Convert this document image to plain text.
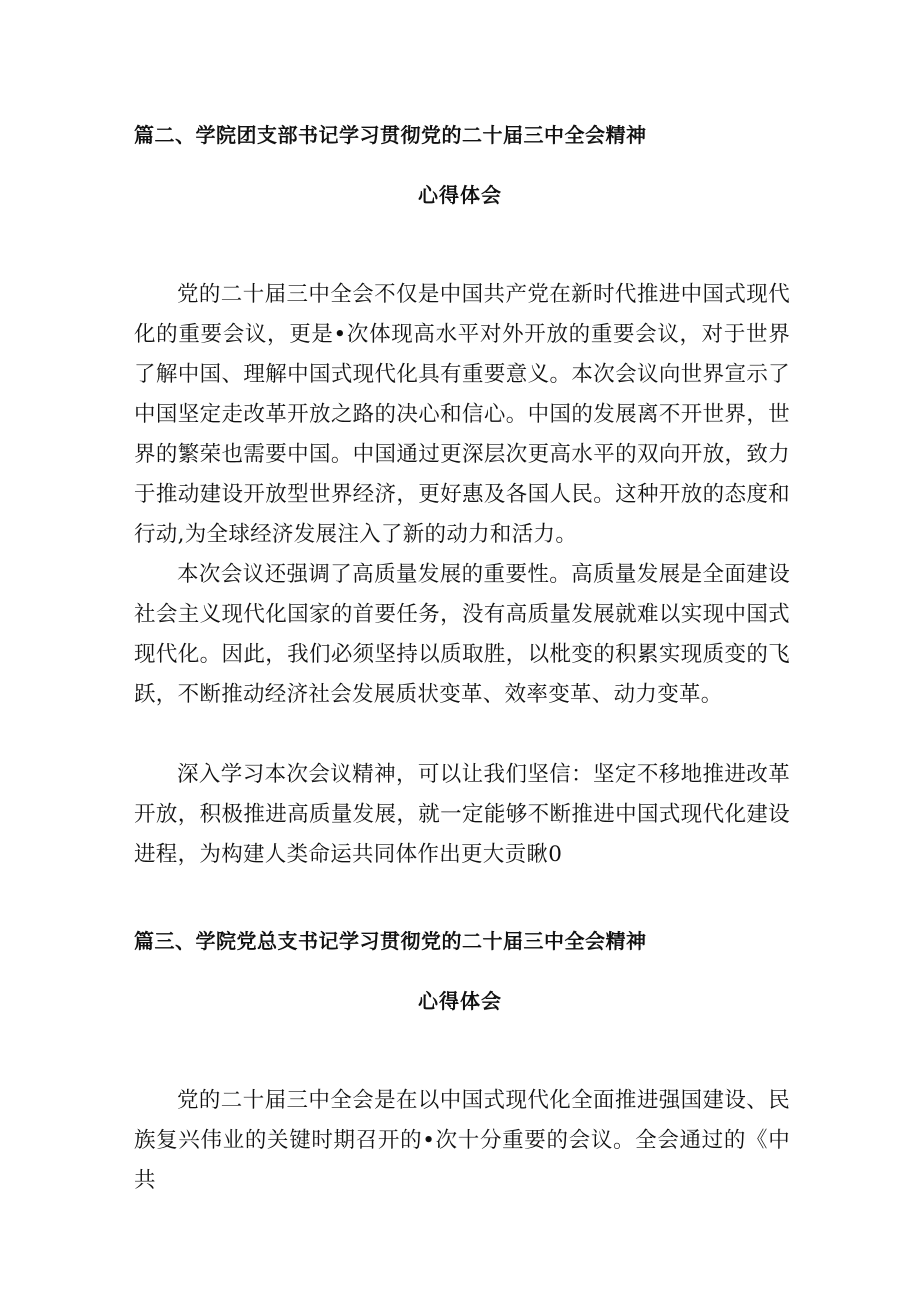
篇二、学院团支部书记学习贯彻党的二十届三中全会精神
心得体会
党的二十届三中全会不仅是中国共产党在新时代推进中国式现代化的重要会议，更是•次体现高水平对外开放的重要会议，对于世界了解中国、理解中国式现代化具有重要意义。本次会议向世界宣示了中国坚定走改革开放之路的决心和信心。中国的发展离不开世界，世界的繁荣也需要中国。中国通过更深层次更高水平的双向开放，致力于推动建设开放型世界经济，更好惠及各国人民。这种开放的态度和行动,为全球经济发展注入了新的动力和活力。
本次会议还强调了高质量发展的重要性。高质量发展是全面建设社会主义现代化国家的首要任务，没有高质量发展就难以实现中国式现代化。因此，我们必须坚持以质取胜，以枇变的积累实现质变的飞跃，不断推动经济社会发展质状变革、效率变革、动力变革。
深入学习本次会议精神，可以让我们坚信：坚定不移地推进改革开放，积极推进高质量发展，就一定能够不断推进中国式现代化建设进程，为构建人类命运共同体作出更大贡瞅0
篇三、学院党总支书记学习贯彻党的二十届三中全会精神
心得体会
党的二十届三中全会是在以中国式现代化全面推进强国建设、民族复兴伟业的关键时期召开的•次十分重要的会议。全会通过的《中共
